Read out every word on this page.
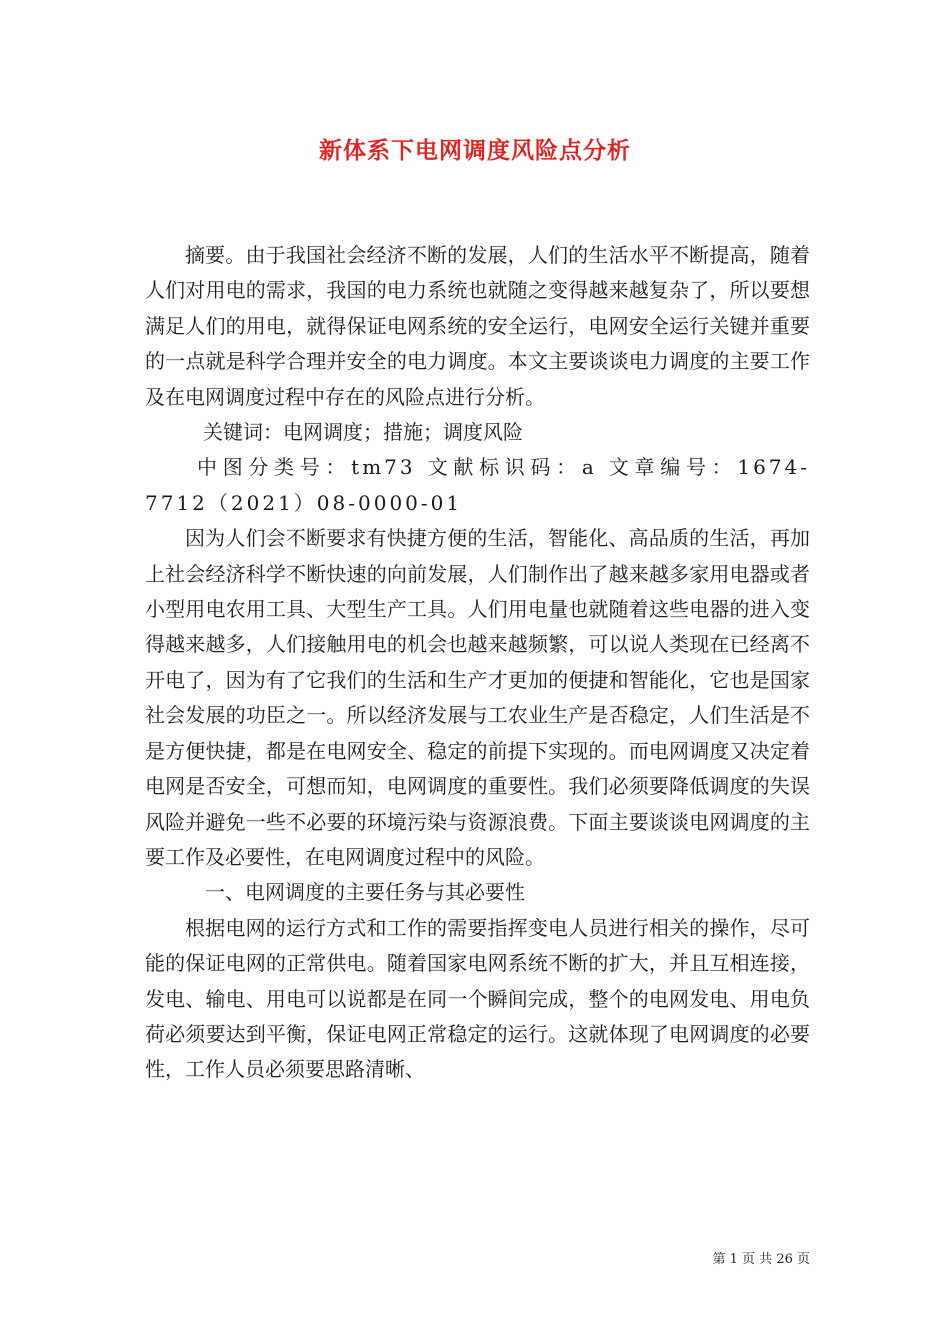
新体系下电网调度风险点分析

摘要。由于我国社会经济不断的发展，人们的生活水平不断提高，随着人们对用电的需求，我国的电力系统也就随之变得越来越复杂了，所以要想满足人们的用电，就得保证电网系统的安全运行，电网安全运行关键并重要的一点就是科学合理并安全的电力调度。本文主要谈谈电力调度的主要工作及在电网调度过程中存在的风险点进行分析。

关键词：电网调度；措施；调度风险

中图分类号：tm73 文献标识码：a 文章编号：1674-7712（2021）08-0000-01

因为人们会不断要求有快捷方便的生活，智能化、高品质的生活，再加上社会经济科学不断快速的向前发展，人们制作出了越来越多家用电器或者小型用电农用工具、大型生产工具。人们用电量也就随着这些电器的进入变得越来越多，人们接触用电的机会也越来越频繁，可以说人类现在已经离不开电了，因为有了它我们的生活和生产才更加的便捷和智能化，它也是国家社会发展的功臣之一。所以经济发展与工农业生产是否稳定，人们生活是不是方便快捷，都是在电网安全、稳定的前提下实现的。而电网调度又决定着电网是否安全，可想而知，电网调度的重要性。我们必须要降低调度的失误风险并避免一些不必要的环境污染与资源浪费。下面主要谈谈电网调度的主要工作及必要性，在电网调度过程中的风险。

一、电网调度的主要任务与其必要性

根据电网的运行方式和工作的需要指挥变电人员进行相关的操作，尽可能的保证电网的正常供电。随着国家电网系统不断的扩大，并且互相连接，发电、输电、用电可以说都是在同一个瞬间完成，整个的电网发电、用电负荷必须要达到平衡，保证电网正常稳定的运行。这就体现了电网调度的必要性，工作人员必须要思路清晰、

第 1 页 共 26 页
